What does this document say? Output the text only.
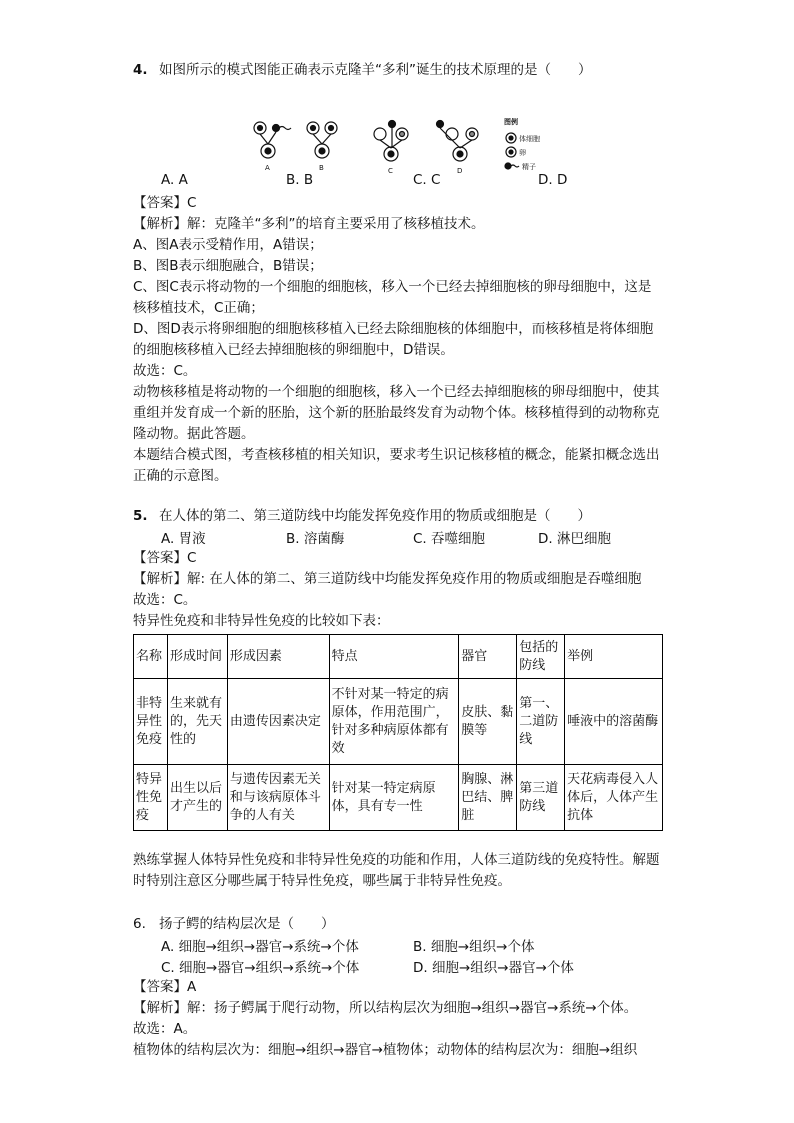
4. 如图所示的模式图能正确表示克隆羊“多利”诞生的技术原理的是（　　）
A	B	C	D
图例
体细胞
卵
精子
A. A	B. B	C. C	D. D
【答案】C
【解析】解：克隆羊“多利”的培育主要采用了核移植技术。
A、图A表示受精作用，A错误；
B、图B表示细胞融合，B错误；
C、图C表示将动物的一个细胞的细胞核，移入一个已经去掉细胞核的卵母细胞中，这是核移植技术，C正确；
D、图D表示将卵细胞的细胞核移植入已经去除细胞核的体细胞中，而核移植是将体细胞的细胞核移植入已经去掉细胞核的卵细胞中，D错误。
故选：C。
动物核移植是将动物的一个细胞的细胞核，移入一个已经去掉细胞核的卵母细胞中，使其重组并发育成一个新的胚胎，这个新的胚胎最终发育为动物个体。核移植得到的动物称克隆动物。据此答题。
本题结合模式图，考查核移植的相关知识，要求考生识记核移植的概念，能紧扣概念选出正确的示意图。
5. 在人体的第二、第三道防线中均能发挥免疫作用的物质或细胞是（　　）
A. 胃液	B. 溶菌酶	C. 吞噬细胞	D. 淋巴细胞
【答案】C
【解析】解: 在人体的第二、第三道防线中均能发挥免疫作用的物质或细胞是吞噬细胞
故选：C。
特异性免疫和非特异性免疫的比较如下表：
名称	形成时间	形成因素	特点	器官	包括的防线	举例
非特异性免疫	生来就有的，先天性的	由遗传因素决定	不针对某一特定的病原体，作用范围广，针对多种病原体都有效	皮肤、黏膜等	第一、二道防线	唾液中的溶菌酶
特异性免疫	出生以后才产生的	与遗传因素无关和与该病原体斗争的人有关	针对某一特定病原体，具有专一性	胸腺、淋巴结、脾脏	第三道防线	天花病毒侵入人体后，人体产生抗体
熟练掌握人体特异性免疫和非特异性免疫的功能和作用，人体三道防线的免疫特性。解题时特别注意区分哪些属于特异性免疫，哪些属于非特异性免疫。
6. 扬子鳄的结构层次是（　　）
A. 细胞→组织→器官→系统→个体	B. 细胞→组织→个体
C. 细胞→器官→组织→系统→个体	D. 细胞→组织→器官→个体
【答案】A
【解析】解：扬子鳄属于爬行动物，所以结构层次为细胞→组织→器官→系统→个体。
故选：A。
植物体的结构层次为：细胞→组织→器官→植物体；动物体的结构层次为：细胞→组织
